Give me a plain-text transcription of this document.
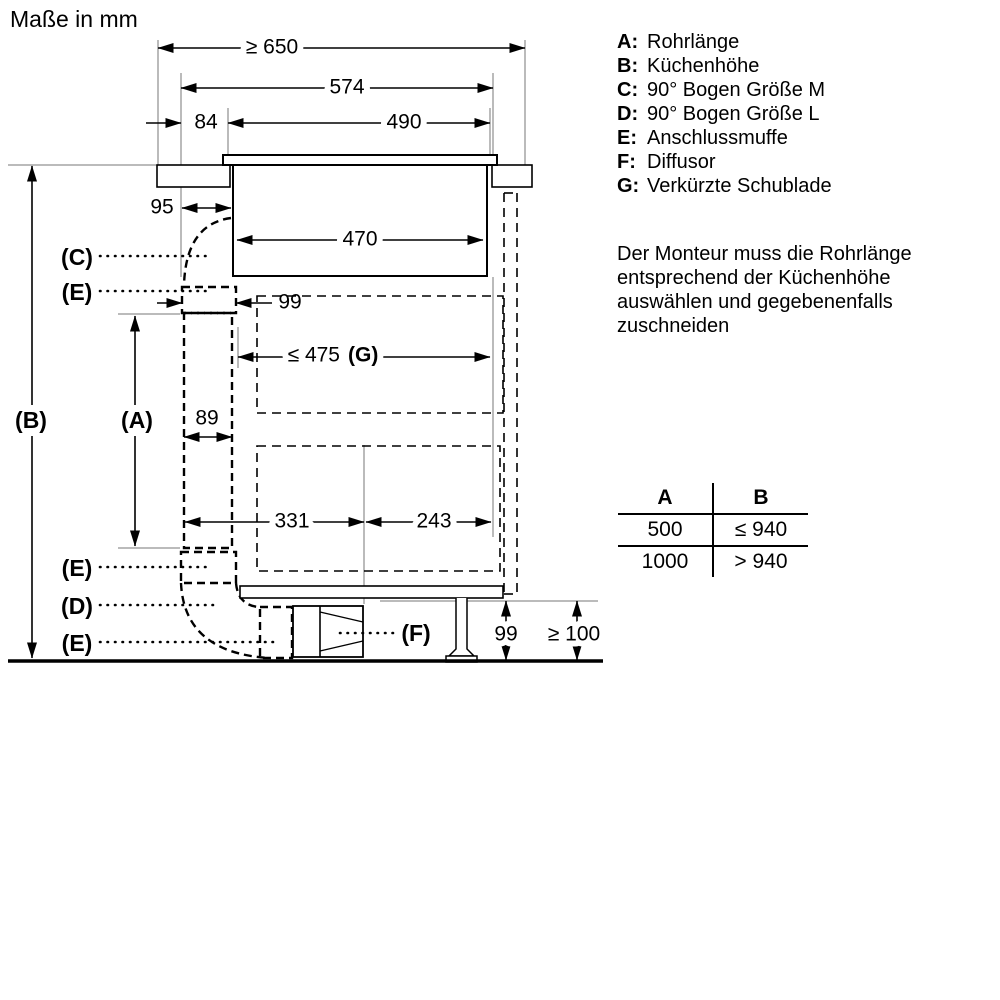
Maße in mm
≥ 650
574
84	490
95
470
99
≤ 475 (G)
89
331	243
99 ≥ 100
(C)
(E)
(B)	(A)
(E)
(D)
(E)	(F)
A: Rohrlänge
B: Küchenhöhe
C: 90° Bogen Größe M
D: 90° Bogen Größe L
E: Anschlussmuffe
F: Diffusor
G: Verkürzte Schublade
Der Monteur muss die Rohrlänge entsprechend der Küchenhöhe auswählen und gegebenenfalls zuschneiden
A	B
500	≤ 940
1000	> 940
